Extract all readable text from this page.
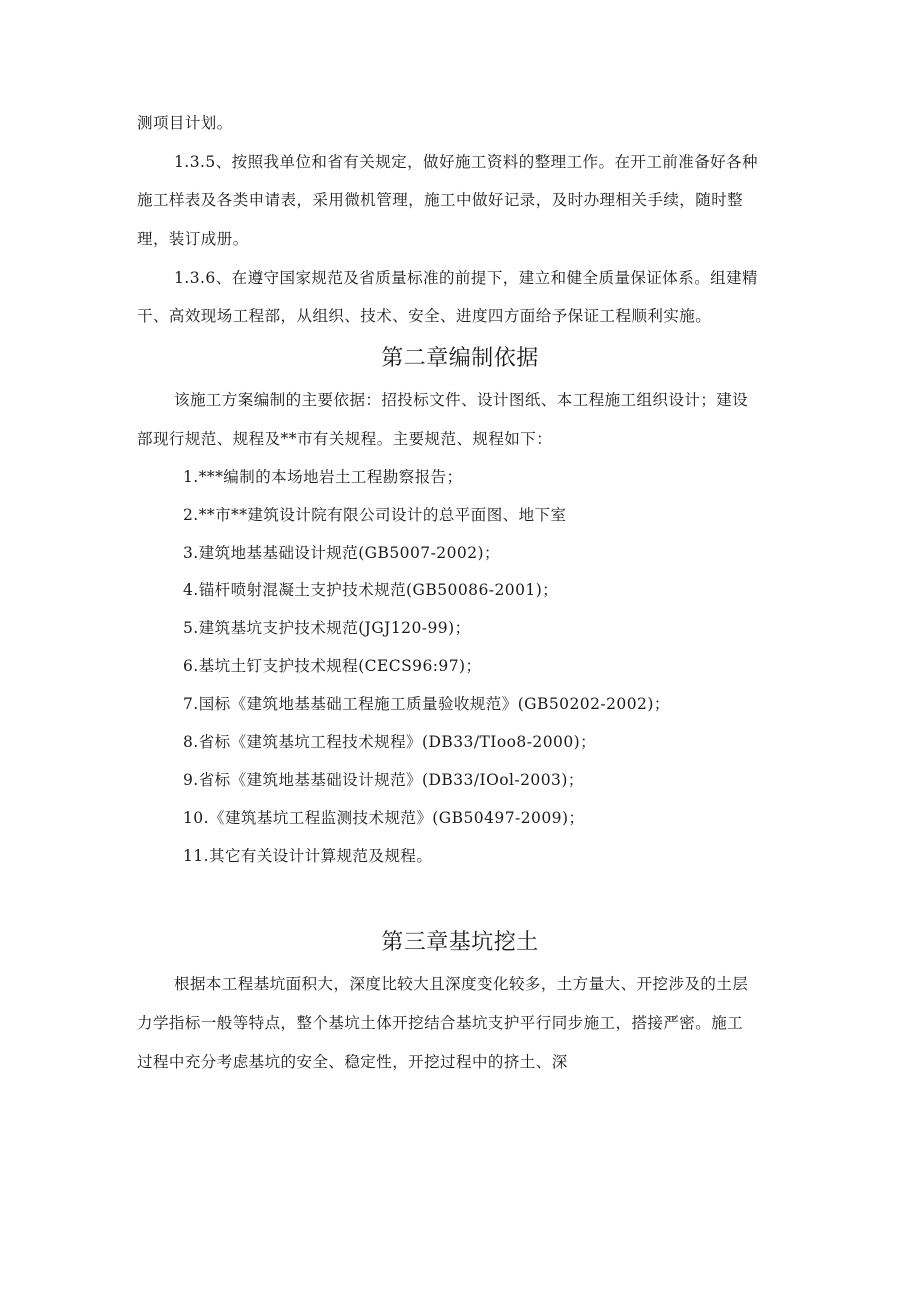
测项目计划。
1.3.5、按照我单位和省有关规定，做好施工资料的整理工作。在开工前准备好各种
施工样表及各类申请表，采用微机管理，施工中做好记录，及时办理相关手续，随时整
理，装订成册。
1.3.6、在遵守国家规范及省质量标准的前提下，建立和健全质量保证体系。组建精
干、高效现场工程部，从组织、技术、安全、进度四方面给予保证工程顺利实施。
第二章编制依据
该施工方案编制的主要依据：招投标文件、设计图纸、本工程施工组织设计；建设
部现行规范、规程及**市有关规程。主要规范、规程如下：
1.***编制的本场地岩土工程勘察报告；
2.**市**建筑设计院有限公司设计的总平面图、地下室
3.建筑地基基础设计规范(GB5007-2002)；
4.锚杆喷射混凝土支护技术规范(GB50086-2001)；
5.建筑基坑支护技术规范(JGJ120-99)；
6.基坑土钉支护技术规程(CECS96:97)；
7.国标《建筑地基基础工程施工质量验收规范》(GB50202-2002)；
8.省标《建筑基坑工程技术规程》(DB33/TIoo8-2000)；
9.省标《建筑地基基础设计规范》(DB33/IOol-2003)；
10.《建筑基坑工程监测技术规范》(GB50497-2009)；
11.其它有关设计计算规范及规程。
第三章基坑挖土
根据本工程基坑面积大，深度比较大且深度变化较多，土方量大、开挖涉及的土层
力学指标一般等特点，整个基坑土体开挖结合基坑支护平行同步施工，搭接严密。施工
过程中充分考虑基坑的安全、稳定性，开挖过程中的挤土、深
